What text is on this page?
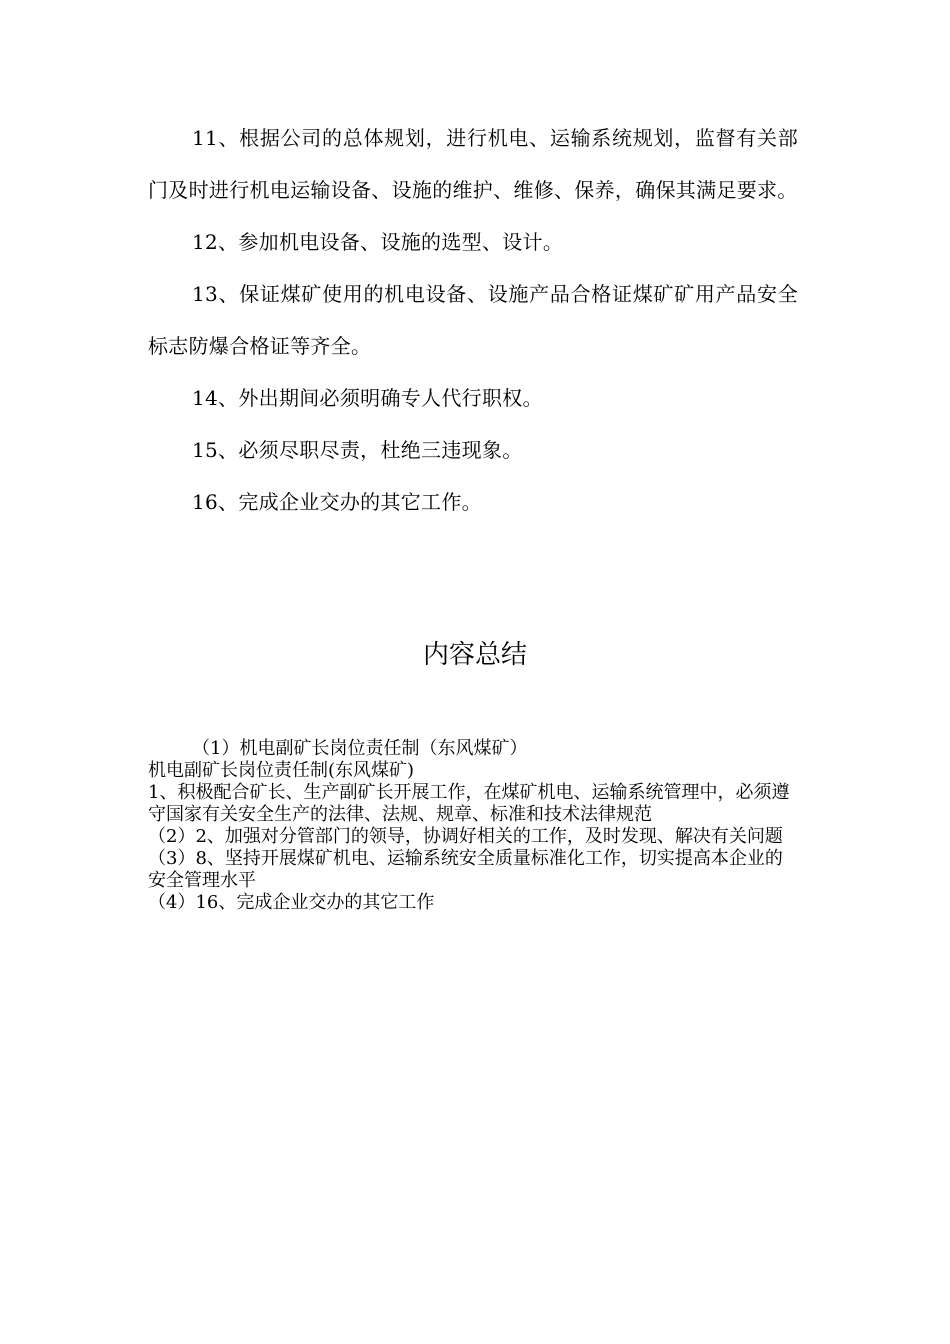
11、根据公司的总体规划，进行机电、运输系统规划，监督有关部门及时进行机电运输设备、设施的维护、维修、保养，确保其满足要求。

12、参加机电设备、设施的选型、设计。

13、保证煤矿使用的机电设备、设施产品合格证煤矿矿用产品安全标志防爆合格证等齐全。

14、外出期间必须明确专人代行职权。

15、必须尽职尽责，杜绝三违现象。

16、完成企业交办的其它工作。

内容总结

（1）机电副矿长岗位责任制（东风煤矿）

机电副矿长岗位责任制(东风煤矿)

1、积极配合矿长、生产副矿长开展工作，在煤矿机电、运输系统管理中，必须遵守国家有关安全生产的法律、法规、规章、标准和技术法律规范

（2）2、加强对分管部门的领导，协调好相关的工作，及时发现、解决有关问题

（3）8、坚持开展煤矿机电、运输系统安全质量标准化工作，切实提高本企业的安全管理水平

（4）16、完成企业交办的其它工作
